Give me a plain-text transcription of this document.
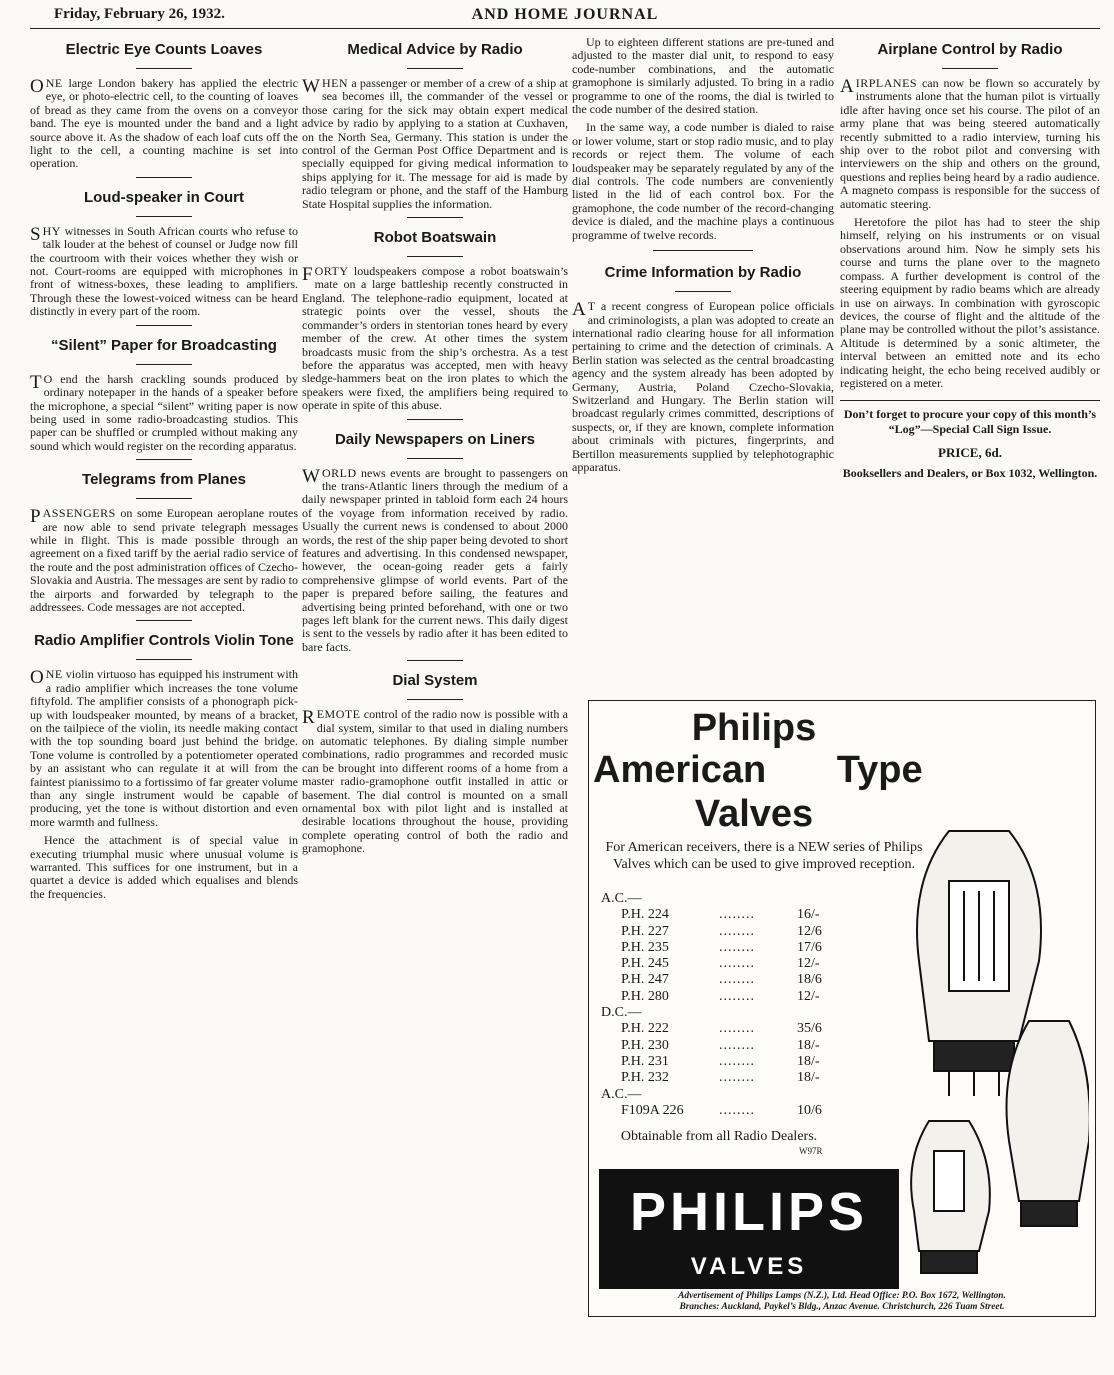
Friday, February 26, 1932.	AND HOME JOURNAL
Electric Eye Counts Loaves

ONE large London bakery has applied the electric eye, or photo-electric cell, to the counting of loaves of bread as they came from the ovens on a conveyor band. The eye is mounted under the band and a light source above it. As the shadow of each loaf cuts off the light to the cell, a counting machine is set into operation.

Loud-speaker in Court

SHY witnesses in South African courts who refuse to talk louder at the behest of counsel or Judge now fill the courtroom with their voices whether they wish or not. Court-rooms are equipped with microphones in front of witness-boxes, these leading to amplifiers. Through these the lowest-voiced witness can be heard distinctly in every part of the room.

“Silent” Paper for Broadcasting

T O end the harsh crackling sounds produced by ordinary notepaper in the hands of a speaker before the microphone, a special “silent” writing paper is now being used in some radio-broadcasting studios. This paper can be shuffled or crumpled without making any sound which would register on the recording apparatus.

Telegrams from Planes

PASSENGERS on some European aeroplane routes are now able to send private telegraph messages while in flight. This is made possible through an agreement on a fixed tariff by the aerial radio service of the route and the post administration offices of Czecho-Slovakia and Austria. The messages are sent by radio to the airports and forwarded by telegraph to the addressees. Code messages are not accepted.

Radio Amplifier Controls Violin Tone

ONE violin virtuoso has equipped his instrument with a radio amplifier which increases the tone volume fiftyfold. The amplifier consists of a phonograph pick-up with loudspeaker mounted, by means of a bracket, on the tailpiece of the violin, its needle making contact with the top sounding board just behind the bridge. Tone volume is controlled by a potentiometer operated by an assistant who can regulate it at will from the faintest pianissimo to a fortissimo of far greater volume than any single instrument would be capable of producing, yet the tone is without distortion and even more warmth and fullness.

Hence the attachment is of special value in executing triumphal music where unusual volume is warranted. This suffices for one instrument, but in a quartet a device is added which equalises and blends the frequencies.

Medical Advice by Radio

WHEN a passenger or member of a crew of a ship at sea becomes ill, the commander of the vessel or those caring for the sick may obtain expert medical advice by radio by applying to a station at Cuxhaven, on the North Sea, Germany. This station is under the control of the German Post Office Department and is specially equipped for giving medical information to ships applying for it. The message for aid is made by radio telegram or phone, and the staff of the Hamburg State Hospital supplies the information.

Robot Boatswain

FORTY loudspeakers compose a robot boatswain’s mate on a large battleship recently constructed in England. The telephone-radio equipment, located at strategic points over the vessel, shouts the commander’s orders in stentorian tones heard by every member of the crew. At other times the system broadcasts music from the ship’s orchestra. As a test before the apparatus was accepted, men with heavy sledge-hammers beat on the iron plates to which the speakers were fixed, the amplifiers being required to operate in spite of this abuse.

Daily Newspapers on Liners

WORLD news events are brought to passengers on the trans-Atlantic liners through the medium of a daily newspaper printed in tabloid form each 24 hours of the voyage from information received by radio. Usually the current news is condensed to about 2000 words, the rest of the ship paper being devoted to short features and advertising. In this condensed newspaper, however, the ocean-going reader gets a fairly comprehensive glimpse of world events. Part of the paper is prepared before sailing, the features and advertising being printed beforehand, with one or two pages left blank for the current news. This daily digest is sent to the vessels by radio after it has been edited to bare facts.

Dial System

REMOTE control of the radio now is possible with a dial system, similar to that used in dialing numbers on automatic telephones. By dialing simple number combinations, radio programmes and recorded music can be brought into different rooms of a home from a master radio-gramophone outfit installed in attic or basement. The dial control is mounted on a small ornamental box with pilot light and is installed at desirable locations throughout the house, providing complete operating control of both the radio and gramophone.

Up to eighteen different stations are pre-tuned and adjusted to the master dial unit, to respond to easy code-number combinations, and the automatic gramophone is similarly adjusted. To bring in a radio programme to one of the rooms, the dial is twirled to the code number of the desired station.

In the same way, a code number is dialed to raise or lower volume, start or stop radio music, and to play records or reject them. The volume of each loudspeaker may be separately regulated by any of the dial controls. The code numbers are conveniently listed in the lid of each control box. For the gramophone, the code number of the record-changing device is dialed, and the machine plays a continuous programme of twelve records.

Crime Information by Radio

A T a recent congress of European police officials and criminologists, a plan was adopted to create an international radio clearing house for all information pertaining to crime and the detection of criminals. A Berlin station was selected as the central broadcasting agency and the system already has been adopted by Germany, Austria, Poland Czecho-Slovakia, Switzerland and Hungary. The Berlin station will broadcast regularly crimes committed, descriptions of suspects, or, if they are known, complete information about criminals with pictures, fingerprints, and Bertillon measurements supplied by telephotographic apparatus.

Airplane Control by Radio

AIRPLANES can now be flown so accurately by instruments alone that the human pilot is virtually idle after having once set his course. The pilot of an army plane that was being steered automatically recently submitted to a radio interview, turning his ship over to the robot pilot and conversing with interviewers on the ship and others on the ground, questions and replies being heard by a radio audience. A magneto compass is responsible for the success of automatic steering.

Heretofore the pilot has had to steer the ship himself, relying on his instruments or on visual observations around him. Now he simply sets his course and turns the plane over to the magneto compass. A further development is control of the steering equipment by radio beams which are already in use on airways. In combination with gyroscopic devices, the course of flight and the altitude of the plane may be controlled without the pilot’s assistance. Altitude is determined by a sonic altimeter, the interval between an emitted note and its echo indicating height, the echo being received audibly or registered on a meter.

Don’t forget to procure your copy of this month’s “Log”—Special Call Sign Issue.
PRICE, 6d.
Booksellers and Dealers, or Box 1032, Wellington.
Philips
American Type
Valves
For American receivers, there is a NEW series of Philips Valves which can be used to give improved reception.
A.C.—
P.H. 224	........	16/-
P.H. 227	........	12/6
P.H. 235	........	17/6
P.H. 245	........	12/-
P.H. 247	........	18/6
P.H. 280	........	12/-
D.C.—
P.H. 222	........	35/6
P.H. 230	........	18/-
P.H. 231	........	18/-
P.H. 232	........	18/-
A.C.—
F109A 226	........	10/6
Obtainable from all Radio Dealers.
W97R
PHILIPS
VALVES
Advertisement of Philips Lamps (N.Z.), Ltd. Head Office: P.O. Box 1672, Wellington.
Branches: Auckland, Paykel’s Bldg., Anzac Avenue. Christchurch, 226 Tuam Street.
